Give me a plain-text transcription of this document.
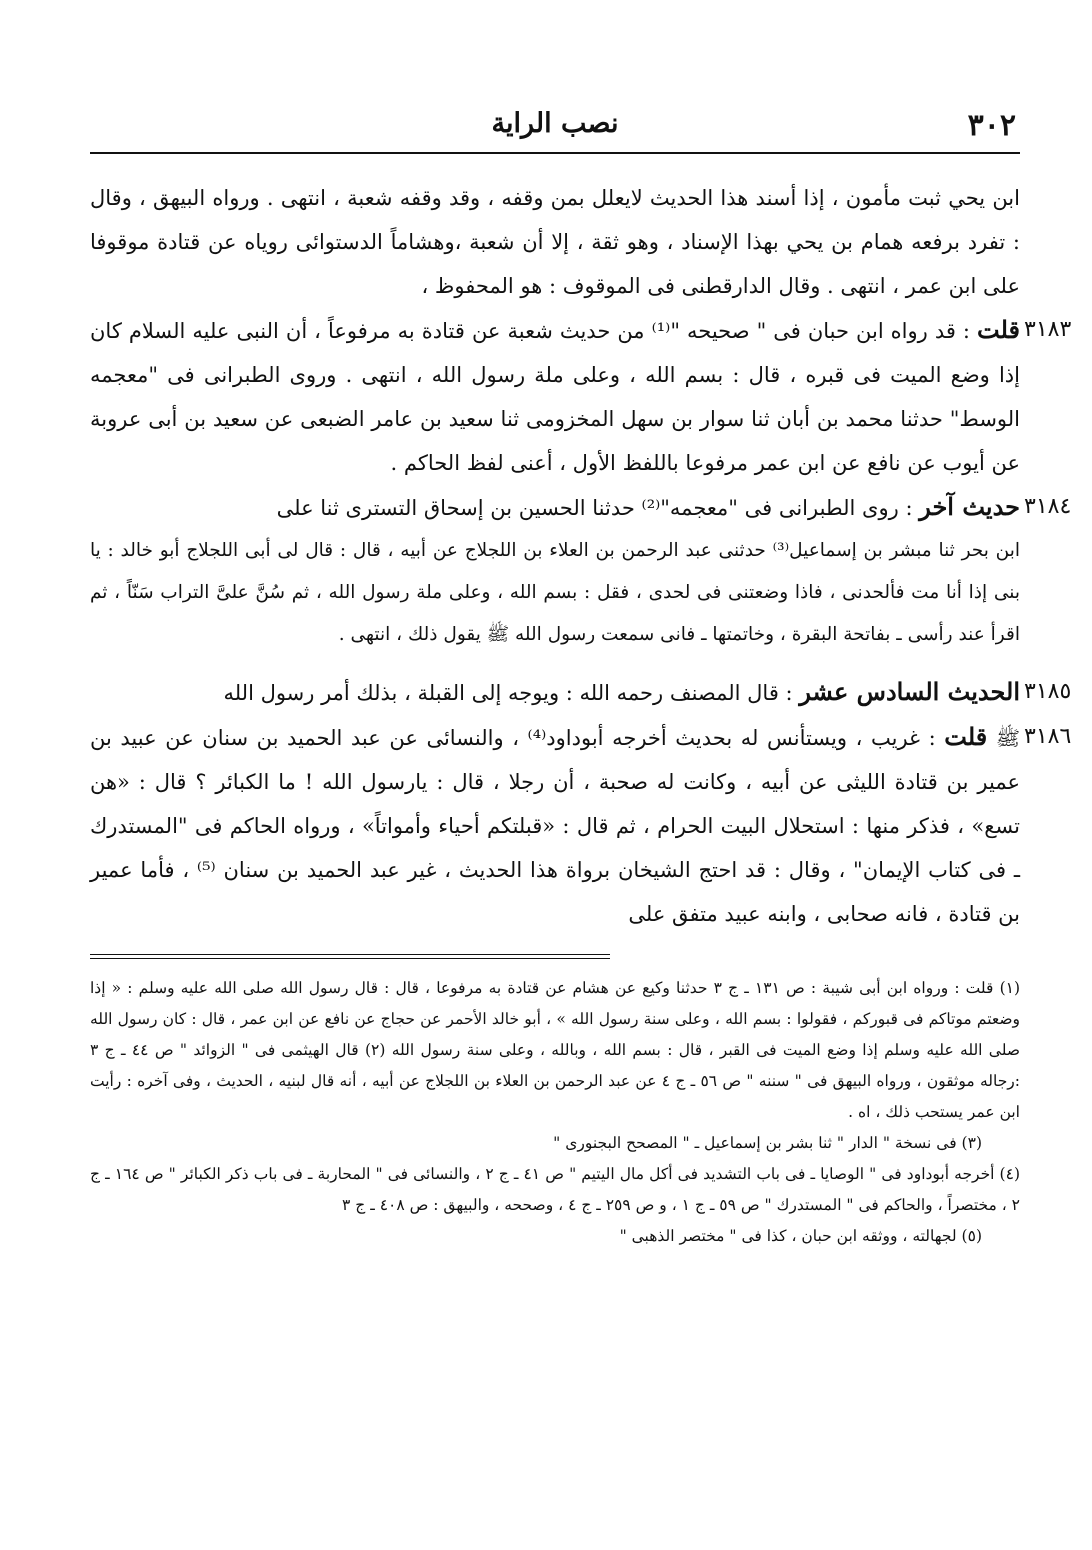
٣٠٢
نصب الراية

ابن يحي ثبت مأمون ، إذا أسند هذا الحديث لايعلل بمن وقفه ، وقد وقفه شعبة ، انتهى . ورواه البيهق ، وقال : تفرد برفعه همام بن يحي بهذا الإسناد ، وهو ثقة ، إلا أن شعبة ،وهشاماً الدستوائى روياه عن قتادة موقوفا على ابن عمر ، انتهى . وقال الدارقطنى فى الموقوف : هو المحفوظ ،

٣١٨٣
قلت : قد رواه ابن حبان فى " صحيحه "⁽¹⁾ من حديث شعبة عن قتادة به مرفوعاً ، أن النبى عليه السلام كان إذا وضع الميت فى قبره ، قال : بسم الله ، وعلى ملة رسول الله ، انتهى . وروى الطبرانى فى "معجمه الوسط" حدثنا محمد بن أبان ثنا سوار بن سهل المخزومى ثنا سعيد بن عامر الضبعى عن سعيد بن أبى عروبة عن أيوب عن نافع عن ابن عمر مرفوعا باللفظ الأول ، أعنى لفظ الحاكم .

٣١٨٤
حديث آخر : روى الطبرانى فى "معجمه"⁽²⁾ حدثنا الحسين بن إسحاق التسترى ثنا على

ابن بحر ثنا مبشر بن إسماعيل⁽³⁾ حدثنى عبد الرحمن بن العلاء بن اللجلاج عن أبيه ، قال : قال لى أبى اللجلاج أبو خالد : يا بنى إذا أنا مت فألحدنى ، فاذا وضعتنى فى لحدى ، فقل : بسم الله ، وعلى ملة رسول الله ، ثم سُنَّ علىَّ التراب سَنّاً ، ثم اقرأ عند رأسى ـ بفاتحة البقرة ، وخاتمتها ـ فانى سمعت رسول الله ﷺ يقول ذلك ، انتهى .

٣١٨٥
الحديث السادس عشر : قال المصنف رحمه الله : ويوجه إلى القبلة ، بذلك أمر رسول الله

٣١٨٦
ﷺ قلت : غريب ، ويستأنس له بحديث أخرجه أبوداود⁽⁴⁾ ، والنسائى عن عبد الحميد بن سنان عن عبيد بن عمير بن قتادة الليثى عن أبيه ، وكانت له صحبة ، أن رجلا ، قال : يارسول الله ! ما الكبائر ؟ قال : «هن تسع» ، فذكر منها : استحلال البيت الحرام ، ثم قال : «قبلتكم أحياء وأمواتاً» ، ورواه الحاكم فى "المستدرك ـ فى كتاب الإيمان" ، وقال : قد احتج الشيخان برواة هذا الحديث ، غير عبد الحميد بن سنان ⁽⁵⁾ ، فأما عمير بن قتادة ، فانه صحابى ، وابنه عبيد متفق على

(١) قلت : ورواه ابن أبى شيبة : ص ١٣١ ـ ج ٣ حدثنا وكيع عن هشام عن قتادة به مرفوعا ، قال : قال رسول الله صلى الله عليه وسلم : « إذا وضعتم موتاكم فى قبوركم ، فقولوا : بسم الله ، وعلى سنة رسول الله » ، أبو خالد الأحمر عن حجاج عن نافع عن ابن عمر ، قال : كان رسول الله صلى الله عليه وسلم إذا وضع الميت فى القبر ، قال : بسم الله ، وبالله ، وعلى سنة رسول الله (٢) قال الهيثمى فى " الزوائد " ص ٤٤ ـ ج ٣ :رجاله موثقون ، ورواه البيهق فى " سننه " ص ٥٦ ـ ج ٤ عن عبد الرحمن بن العلاء بن اللجلاج عن أبيه ، أنه قال لبنيه ، الحديث ، وفى آخره : رأيت ابن عمر يستحب ذلك ، اه .

(٣) فى نسخة " الدار " ثنا بشر بن إسماعيل ـ " المصحح البجنورى "

(٤) أخرجه أبوداود فى " الوصايا ـ فى باب التشديد فى أكل مال اليتيم " ص ٤١ ـ ج ٢ ، والنسائى فى " المحاربة ـ فى باب ذكر الكبائر " ص ١٦٤ ـ ج ٢ ، مختصراً ، والحاكم فى " المستدرك " ص ٥٩ ـ ج ١ ، و ص ٢٥٩ ـ ج ٤ ، وصححه ، والبيهق : ص ٤٠٨ ـ ج ٣

(٥) لجهالته ، ووثقه ابن حبان ، كذا فى " مختصر الذهبى "
